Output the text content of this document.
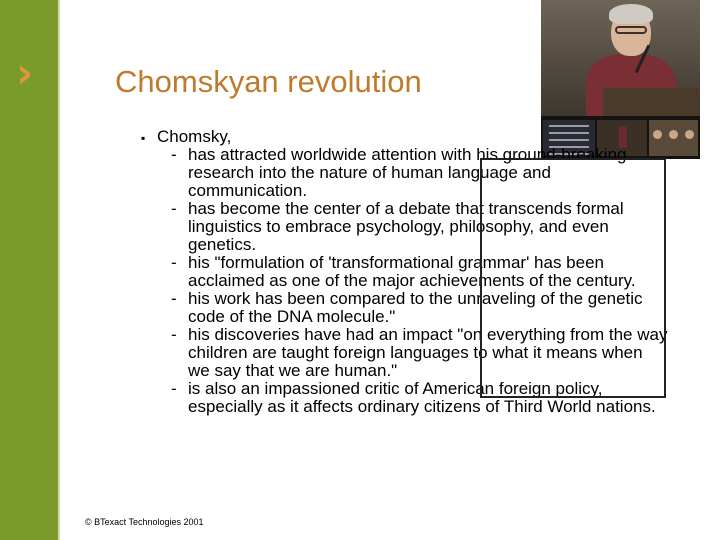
›	Chomskyan revolution
▪ Chomsky,
- has attracted worldwide attention with his ground-breaking research into the nature of human language and communication.
- has become the center of a debate that transcends formal linguistics to embrace psychology, philosophy, and even genetics.
- his "formulation of 'transformational grammar' has been acclaimed as one of the major achievements of the century.
- his work has been compared to the unraveling of the genetic code of the DNA molecule."
- his discoveries have had an impact "on everything from the way children are taught foreign languages to what it means when we say that we are human."
- is also an impassioned critic of American foreign policy, especially as it affects ordinary citizens of Third World nations.
© BTexact Technologies 2001
